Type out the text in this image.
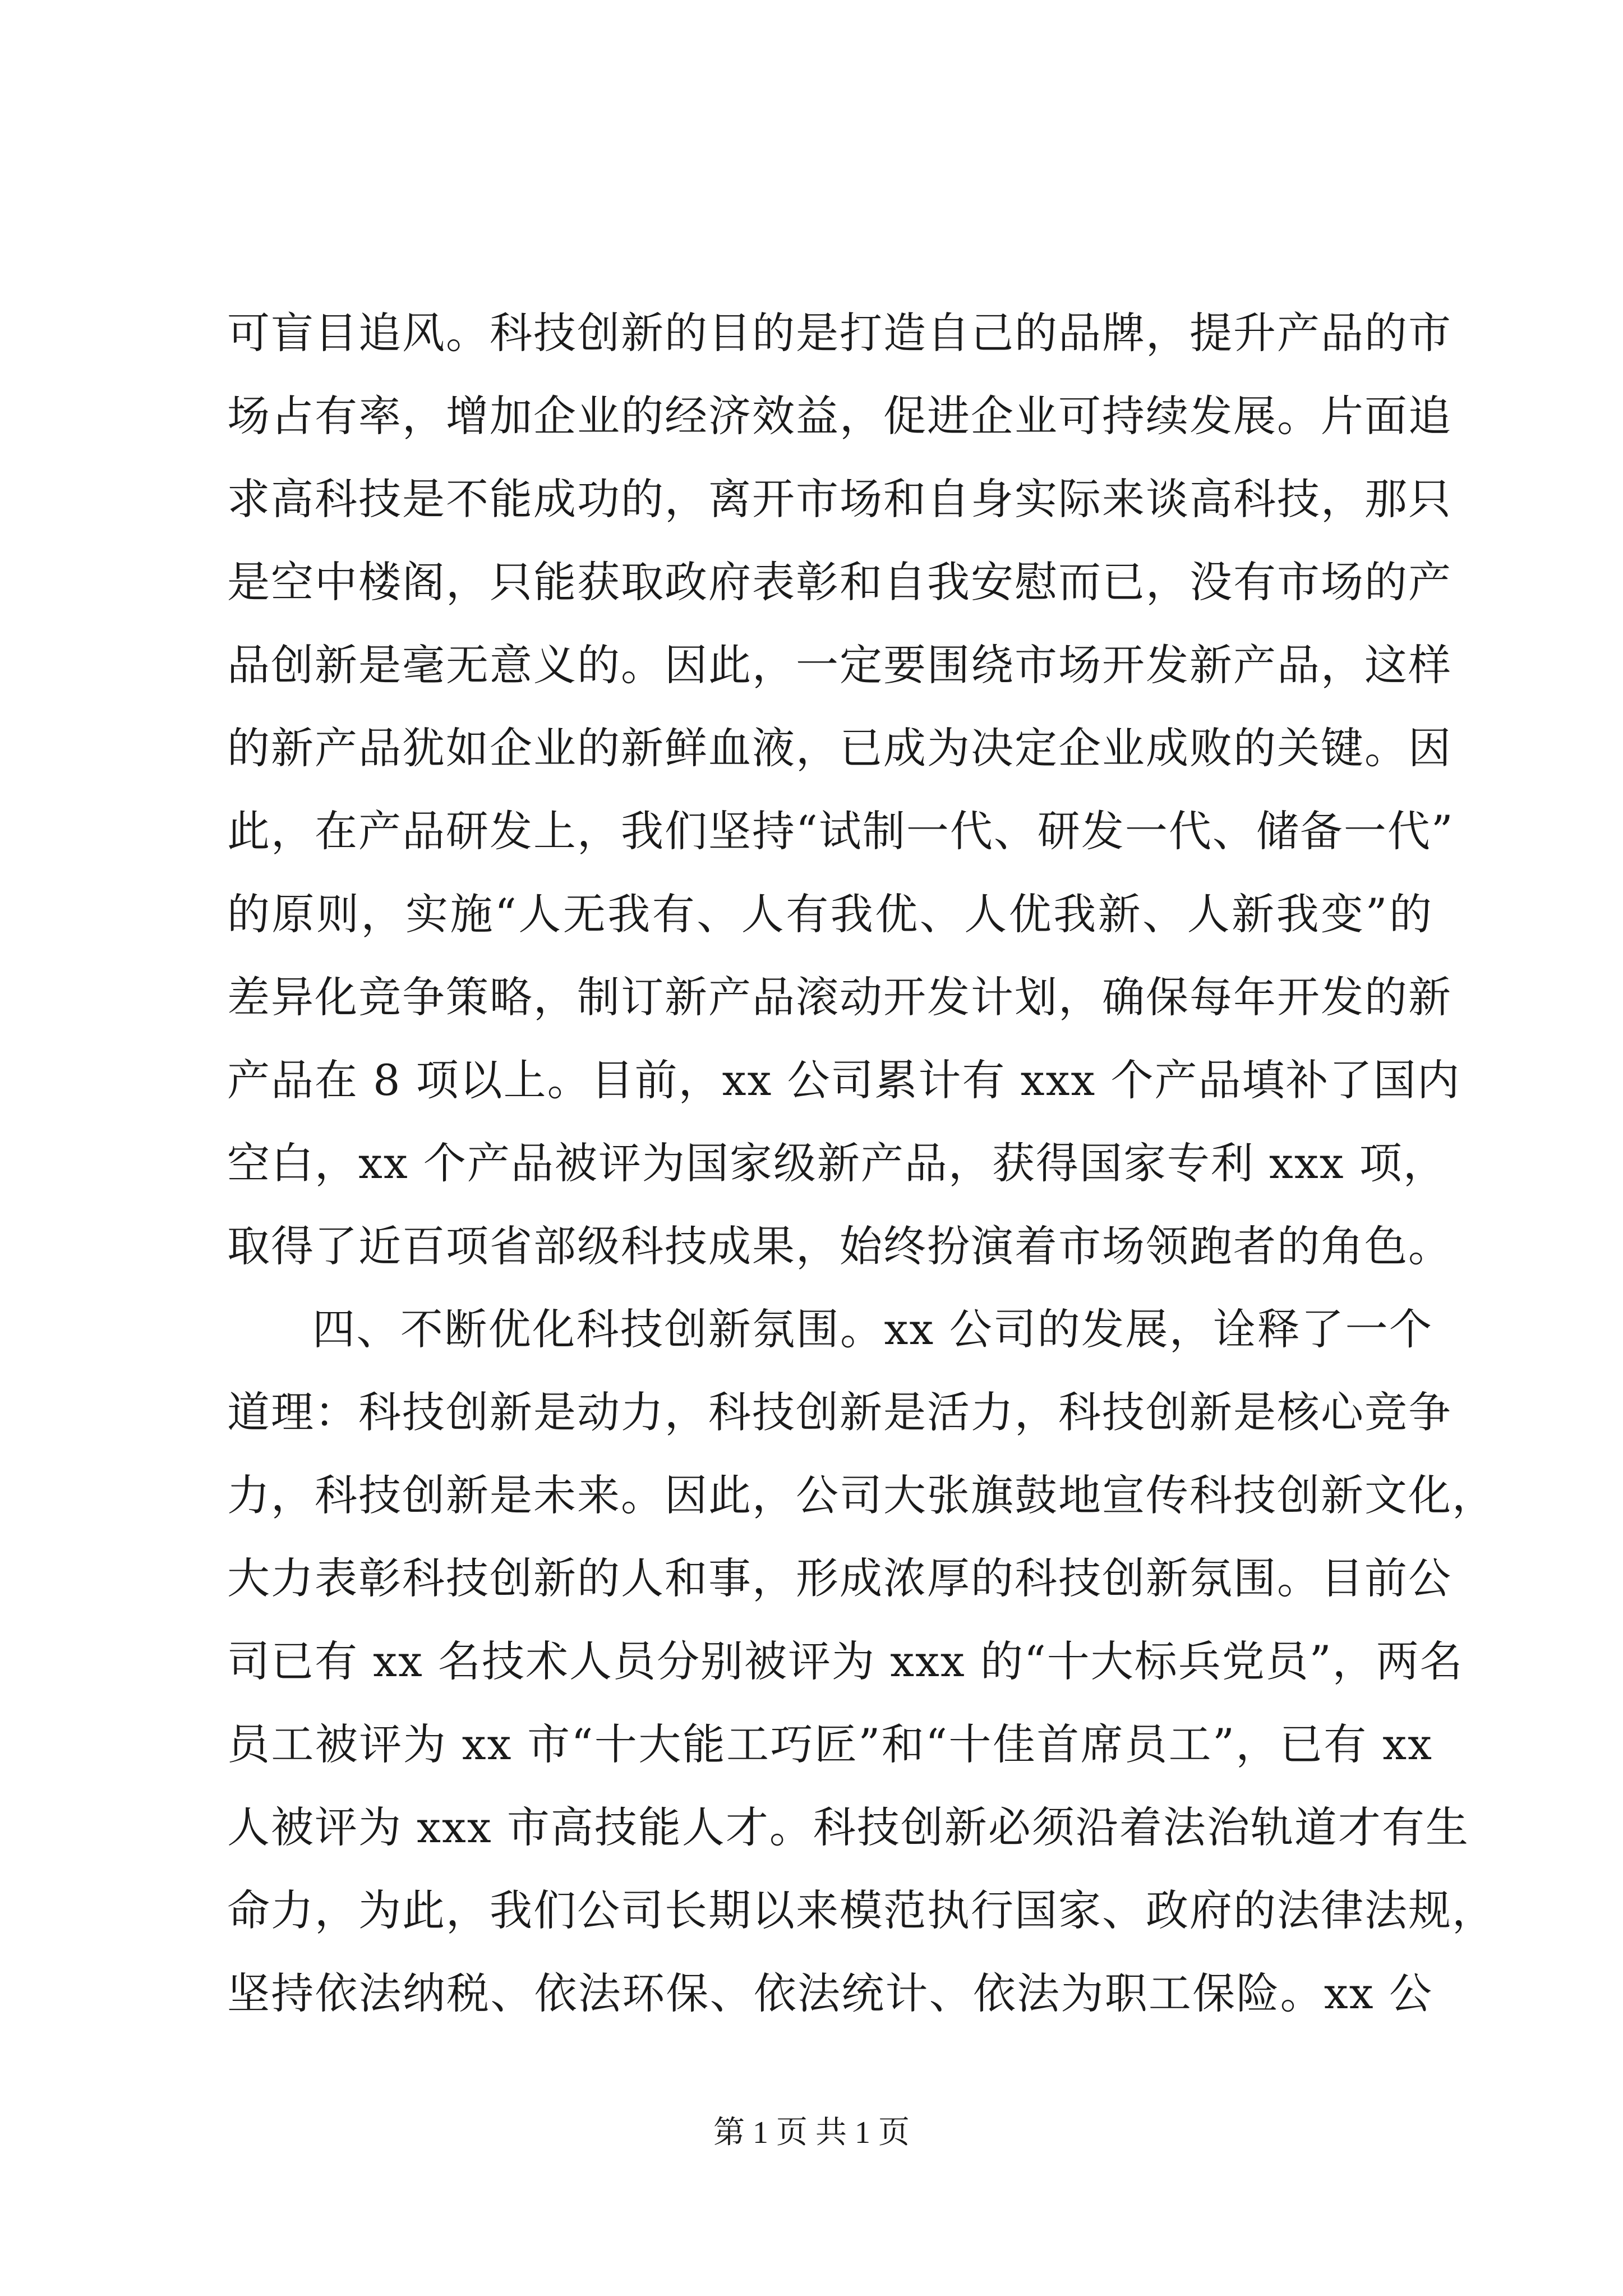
可盲目追风。科技创新的目的是打造自己的品牌，提升产品的市
场占有率，增加企业的经济效益，促进企业可持续发展。片面追
求高科技是不能成功的，离开市场和自身实际来谈高科技，那只
是空中楼阁，只能获取政府表彰和自我安慰而已，没有市场的产
品创新是毫无意义的。因此，一定要围绕市场开发新产品，这样
的新产品犹如企业的新鲜血液，已成为决定企业成败的关键。因
此，在产品研发上，我们坚持“试制一代、研发一代、储备一代”
的原则，实施“人无我有、人有我优、人优我新、人新我变”的
差异化竞争策略，制订新产品滚动开发计划，确保每年开发的新
产品在 8 项以上。目前，xx 公司累计有 xxx 个产品填补了国内
空白，xx 个产品被评为国家级新产品，获得国家专利 xxx 项，
取得了近百项省部级科技成果，始终扮演着市场领跑者的角色。
四、不断优化科技创新氛围。xx 公司的发展，诠释了一个
道理：科技创新是动力，科技创新是活力，科技创新是核心竞争
力，科技创新是未来。因此，公司大张旗鼓地宣传科技创新文化，
大力表彰科技创新的人和事，形成浓厚的科技创新氛围。目前公
司已有 xx 名技术人员分别被评为 xxx 的“十大标兵党员”，两名
员工被评为 xx 市“十大能工巧匠”和“十佳首席员工”，已有 xx
人被评为 xxx 市高技能人才。科技创新必须沿着法治轨道才有生
命力，为此，我们公司长期以来模范执行国家、政府的法律法规，
坚持依法纳税、依法环保、依法统计、依法为职工保险。xx 公
第 1 页 共 1 页
